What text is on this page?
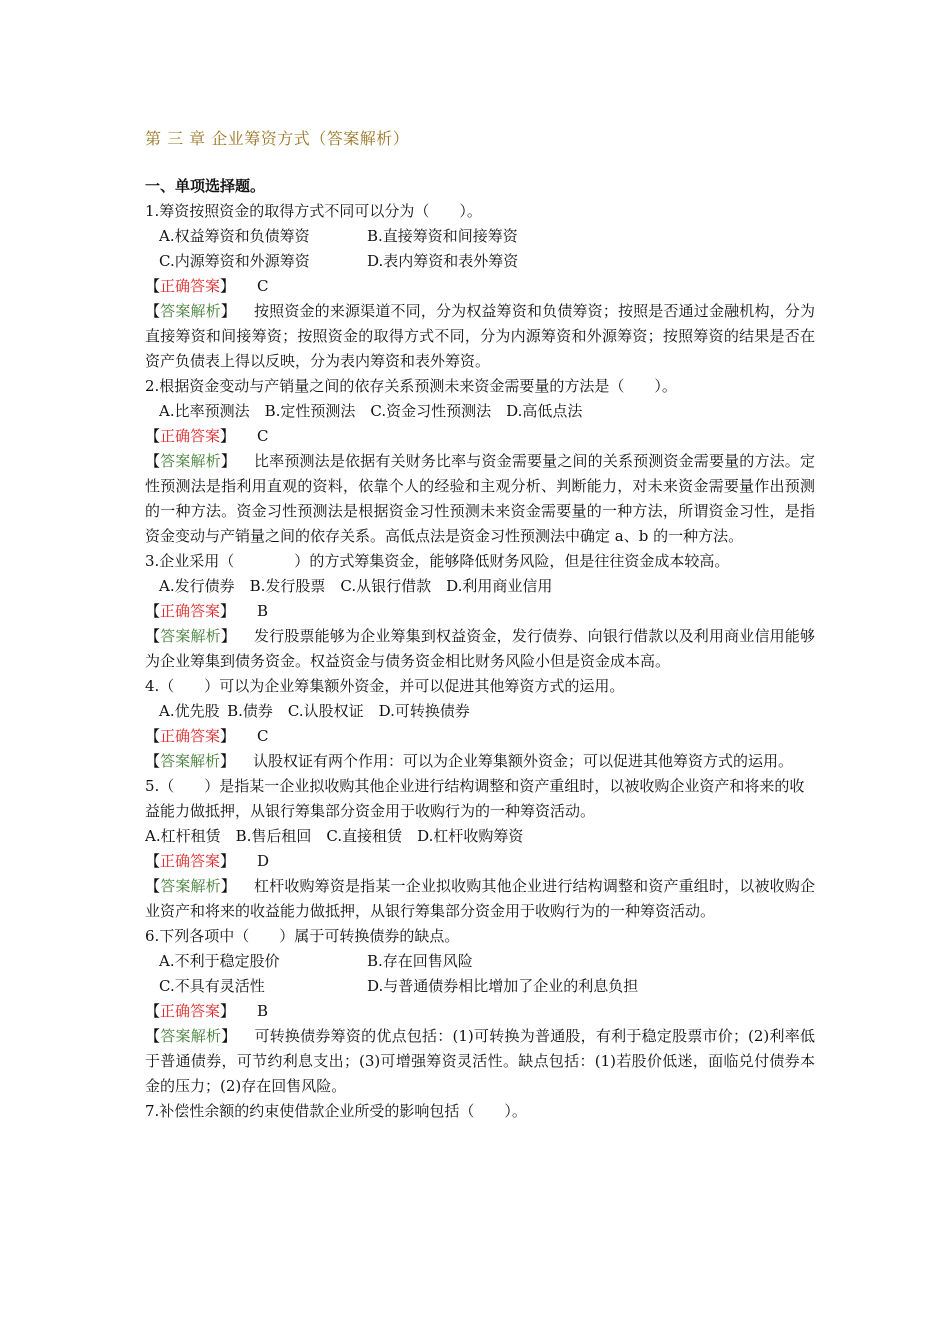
第 三 章 企业筹资方式（答案解析）
一、单项选择题。
1.筹资按照资金的取得方式不同可以分为（　　）。
A.权益筹资和负债筹资	B.直接筹资和间接筹资
C.内源筹资和外源筹资	D.表内筹资和表外筹资
【正确答案】 C
【答案解析】 按照资金的来源渠道不同，分为权益筹资和负债筹资；按照是否通过金融机构，分为直接筹资和间接筹资；按照资金的取得方式不同，分为内源筹资和外源筹资；按照筹资的结果是否在资产负债表上得以反映，分为表内筹资和表外筹资。
2.根据资金变动与产销量之间的依存关系预测未来资金需要量的方法是（　　）。
A.比率预测法  B.定性预测法  C.资金习性预测法  D.高低点法
【正确答案】 C
【答案解析】 比率预测法是依据有关财务比率与资金需要量之间的关系预测资金需要量的方法。定性预测法是指利用直观的资料，依靠个人的经验和主观分析、判断能力，对未来资金需要量作出预测的一种方法。资金习性预测法是根据资金习性预测未来资金需要量的一种方法，所谓资金习性，是指资金变动与产销量之间的依存关系。高低点法是资金习性预测法中确定 a、b 的一种方法。
3.企业采用（　　　　）的方式筹集资金，能够降低财务风险，但是往往资金成本较高。
A.发行债券  B.发行股票  C.从银行借款  D.利用商业信用
【正确答案】 B
【答案解析】 发行股票能够为企业筹集到权益资金，发行债券、向银行借款以及利用商业信用能够为企业筹集到债务资金。权益资金与债务资金相比财务风险小但是资金成本高。
4.（　　）可以为企业筹集额外资金，并可以促进其他筹资方式的运用。
A.优先股  B.债券  C.认股权证  D.可转换债券
【正确答案】 C
【答案解析】 认股权证有两个作用：可以为企业筹集额外资金；可以促进其他筹资方式的运用。
5.（　　）是指某一企业拟收购其他企业进行结构调整和资产重组时，以被收购企业资产和将来的收益能力做抵押，从银行筹集部分资金用于收购行为的一种筹资活动。
A.杠杆租赁  B.售后租回  C.直接租赁  D.杠杆收购筹资
【正确答案】 D
【答案解析】 杠杆收购筹资是指某一企业拟收购其他企业进行结构调整和资产重组时，以被收购企业资产和将来的收益能力做抵押，从银行筹集部分资金用于收购行为的一种筹资活动。
6.下列各项中（　　）属于可转换债券的缺点。
A.不利于稳定股价	B.存在回售风险
C.不具有灵活性	D.与普通债券相比增加了企业的利息负担
【正确答案】 B
【答案解析】 可转换债券筹资的优点包括：(1)可转换为普通股，有利于稳定股票市价；(2)利率低于普通债券，可节约利息支出；(3)可增强筹资灵活性。缺点包括：(1)若股价低迷，面临兑付债券本金的压力；(2)存在回售风险。
7.补偿性余额的约束使借款企业所受的影响包括（　　）。
